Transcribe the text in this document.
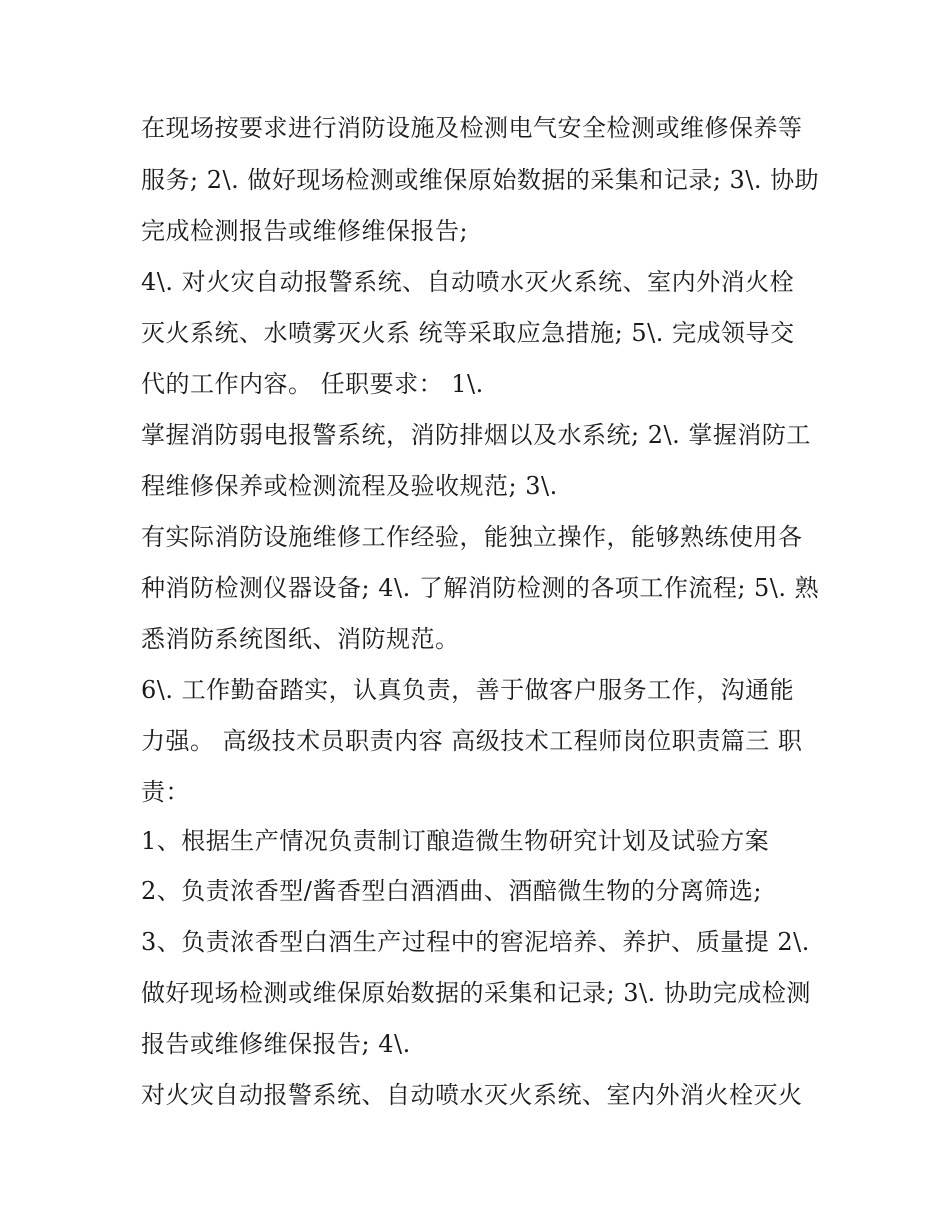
在现场按要求进行消防设施及检测电气安全检测或维修保养等
服务; 2\. 做好现场检测或维保原始数据的采集和记录; 3\. 协助
完成检测报告或维修维保报告;
4\. 对火灾自动报警系统、自动喷水灭火系统、室内外消火栓
灭火系统、水喷雾灭火系 统等采取应急措施; 5\. 完成领导交
代的工作内容。 任职要求： 1\.
掌握消防弱电报警系统，消防排烟以及水系统; 2\. 掌握消防工
程维修保养或检测流程及验收规范; 3\.
有实际消防设施维修工作经验，能独立操作，能够熟练使用各
种消防检测仪器设备; 4\. 了解消防检测的各项工作流程; 5\. 熟
悉消防系统图纸、消防规范。
6\. 工作勤奋踏实，认真负责，善于做客户服务工作，沟通能
力强。 高级技术员职责内容 高级技术工程师岗位职责篇三 职
责：
1、根据生产情况负责制订酿造微生物研究计划及试验方案
2、负责浓香型/酱香型白酒酒曲、酒醅微生物的分离筛选;
3、负责浓香型白酒生产过程中的窖泥培养、养护、质量提 2\.
做好现场检测或维保原始数据的采集和记录; 3\. 协助完成检测
报告或维修维保报告; 4\.
对火灾自动报警系统、自动喷水灭火系统、室内外消火栓灭火
